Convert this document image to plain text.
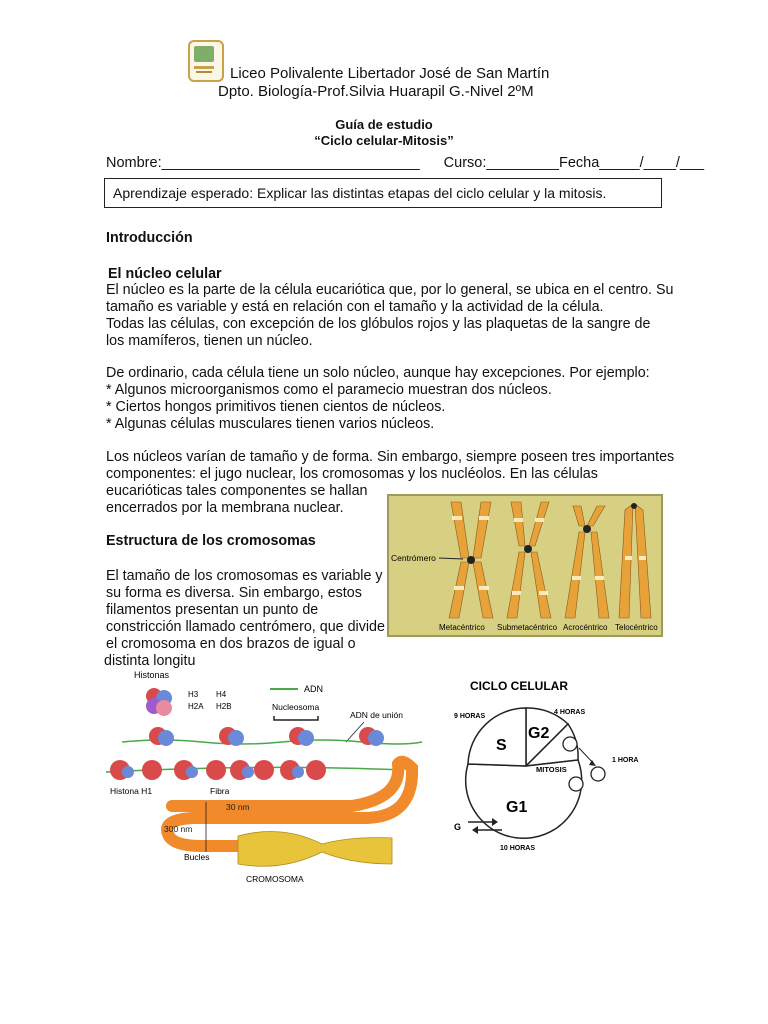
Liceo Polivalente Libertador José de San Martín
Dpto. Biología-Prof.Silvia Huarapil G.-Nivel 2ºM
Guía de estudio
“Ciclo celular-Mitosis”
Nombre:________________________________ Curso:_________Fecha_____/____/___
Aprendizaje esperado: Explicar las distintas etapas del ciclo celular y la mitosis.
Introducción
El núcleo celular
El núcleo es la parte de la célula eucariótica que, por lo general, se ubica en el centro. Su
tamaño es variable y está en relación con el tamaño y la actividad de la célula.
Todas las células, con excepción de los glóbulos rojos y las plaquetas de la sangre de
los mamíferos, tienen un núcleo.
De ordinario, cada célula tiene un solo núcleo, aunque hay excepciones. Por ejemplo:
* Algunos microorganismos como el paramecio muestran dos núcleos.
* Ciertos hongos primitivos tienen cientos de núcleos.
* Algunas células musculares tienen varios núcleos.
Los núcleos varían de tamaño y de forma. Sin embargo, siempre poseen tres importantes
componentes: el jugo nuclear, los cromosomas y los nucléolos. En las células
eucarióticas tales componentes se hallan
encerrados por la membrana nuclear.
Estructura de los cromosomas
El tamaño de los cromosomas es variable y
su forma es diversa. Sin embargo, estos
filamentos presentan un punto de
constricción llamado centrómero, que divide
el cromosoma en dos brazos de igual o
distinta longitu
Centrómero
Metacéntrico Submetacéntrico Acrocéntrico Telocéntrico
Histonas
H3 H4
H2A H2B
ADN
Nucleosoma
ADN de unión
Histona H1	Fibra
30 nm
300 nm
Bucles
CROMOSOMA
CICLO CELULAR
S
G2
MITOSIS
G1
9 HORAS
4 HORAS
1 HORA
10 HORAS
G
